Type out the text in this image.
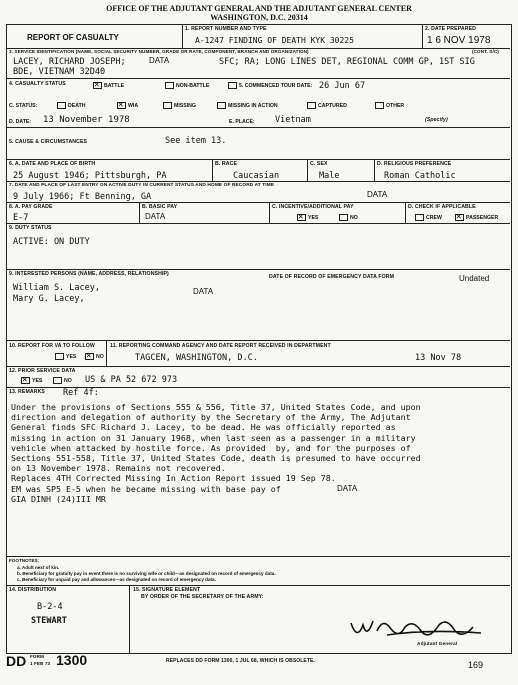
OFFICE OF THE ADJUTANT GENERAL AND THE ADJUTANT GENERAL CENTER
WASHINGTON, D.C. 20314
REPORT OF CASUALTY
1. REPORT NUMBER AND TYPE
A-1247 FINDING OF DEATH KYK 30225
2. DATE PREPARED
1 6 NOV 1978
3. SERVICE IDENTIFICATION (NAME, SOCIAL SECURITY NUMBER, GRADE OR RATE, COMPONENT, BRANCH AND ORGANIZATION)	(CONT. S/C)
LACEY, RICHARD JOSEPH;	DATA	SFC; RA; LONG LINES DET, REGIONAL COMM GP, 1ST SIG
BDE, VIETNAM 32D40
4. CASUALTY STATUS ✕	BATTLE	NON-BATTLE	5. COMMENCED TOUR DATE: 26 Jun 67
C. STATUS:	DEATH ✕	WIA	MISSING	MISSING IN ACTION	CAPTURED	OTHER
D. DATE: 13 November 1978	E. PLACE: Vietnam	(Specify)
5. CAUSE & CIRCUMSTANCES	See item 13.
6. A. DATE AND PLACE OF BIRTH
25 August 1946; Pittsburgh, PA
B. RACE
Caucasian
C. SEX
Male
D. RELIGIOUS PREFERENCE
Roman Catholic
7. DATE AND PLACE OF LAST ENTRY ON ACTIVE DUTY IN CURRENT STATUS AND HOME OF RECORD AT TIME
9 July 1966; Ft Benning, GA	DATA
8. A. PAY GRADE
E-7
B. BASIC PAY
DATA
C. INCENTIVE/ADDITIONAL PAY
✕
YES	NO
D. CHECK IF APPLICABLE
CREW ✕	PASSENGER
9. DUTY STATUS
ACTIVE: ON DUTY
9. INTERESTED PERSONS (NAME, ADDRESS, RELATIONSHIP)
William S. Lacey,
Mary G. Lacey,
DATA
DATE OF RECORD OF EMERGENCY DATA FORM	Undated
10. REPORT FOR VA TO FOLLOW
YES ✕	NO
11. REPORTING COMMAND AGENCY AND DATE REPORT RECEIVED IN DEPARTMENT
TAGCEN, WASHINGTON, D.C.	13 Nov 78
12. PRIOR SERVICE DATA
✕
YES	NO US & PA 52 672 973
13. REMARKS Ref 4f:
Under the provisions of Sections 555 & 556, Title 37, United States Code, and upon
direction and delegation of authority by the Secretary of the Army, The Adjutant
General finds SFC Richard J. Lacey, to be dead. He was officially reported as
missing in action on 31 January 1968, when last seen as a passenger in a military
vehicle when attacked by hostile force. As provided  by, and for the purposes of
Sections 551-558, Title 37, United States Code, death is presumed to have occurred
on 13 November 1978. Remains not recovered.
Replaces 4TH Corrected Missing In Action Report issued 19 Sep 78.
EM was SP5 E-5 when he became missing with base pay of	DATA
GIA DINH (24)III MR
FOOTNOTES:
a. Adult next of kin.
b. Beneficiary for gratuity pay in event there is no surviving wife or child—as designated on record of emergency data.
c. Beneficiary for unpaid pay and allowances—as designated on record of emergency data.
14. DISTRIBUTION
B-2-4
STEWART
15. SIGNATURE ELEMENT
BY ORDER OF THE SECRETARY OF THE ARMY:
Adjutant General
DD FORM
1 FEB 73 1300	REPLACES DD FORM 1300, 1 JUL 68, WHICH IS OBSOLETE.	169
